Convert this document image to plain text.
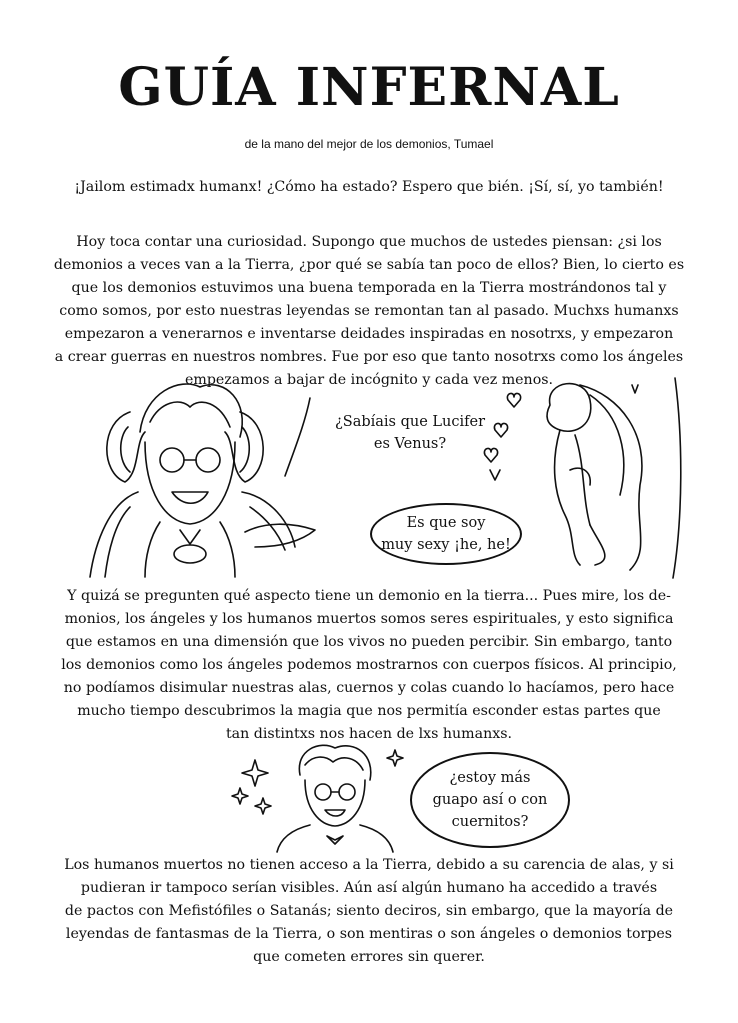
GUÍA INFERNAL
de la mano del mejor de los demonios, Tumael

¡Jailom estimadx humanx! ¿Cómo ha estado? Espero que bién. ¡Sí, sí, yo también!

Hoy toca contar una curiosidad. Supongo que muchos de ustedes piensan: ¿si los
demonios a veces van a la Tierra, ¿por qué se sabía tan poco de ellos? Bien, lo cierto es
que los demonios estuvimos una buena temporada en la Tierra mostrándonos tal y
como somos, por esto nuestras leyendas se remontan tan al pasado. Muchxs humanxs
empezaron a venerarnos e inventarse deidades inspiradas en nosotrxs, y empezaron
a crear guerras en nuestros nombres. Fue por eso que tanto nosotrxs como los ángeles
empezamos a bajar de incógnito y cada vez menos.

¿Sabíais que Lucifer
es Venus?
Es que soy
muy sexy ¡he, he!

Y quizá se pregunten qué aspecto tiene un demonio en la tierra... Pues mire, los de-
monios, los ángeles y los humanos muertos somos seres espirituales, y esto significa
que estamos en una dimensión que los vivos no pueden percibir. Sin embargo, tanto
los demonios como los ángeles podemos mostrarnos con cuerpos físicos. Al principio,
no podíamos disimular nuestras alas, cuernos y colas cuando lo hacíamos, pero hace
mucho tiempo descubrimos la magia que nos permitía esconder estas partes que
tan distintxs nos hacen de lxs humanxs.

¿estoy más
guapo así o con
cuernitos?

Los humanos muertos no tienen acceso a la Tierra, debido a su carencia de alas, y si
pudieran ir tampoco serían visibles. Aún así algún humano ha accedido a través
de pactos con Mefistófiles o Satanás; siento deciros, sin embargo, que la mayoría de
leyendas de fantasmas de la Tierra, o son mentiras o son ángeles o demonios torpes
que cometen errores sin querer.
